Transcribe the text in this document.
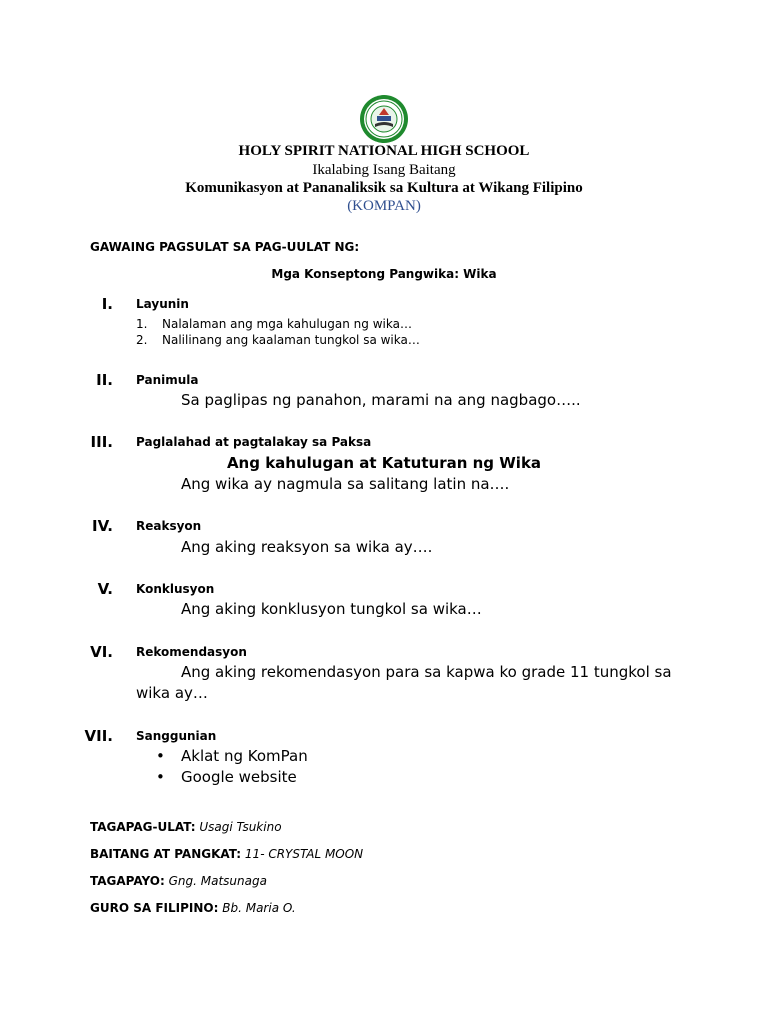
HOLY SPIRIT NATIONAL HIGH SCHOOL
Ikalabing Isang Baitang
Komunikasyon at Pananaliksik sa Kultura at Wikang Filipino
(KOMPAN)
GAWAING PAGSULAT SA PAG-UULAT NG:
Mga Konseptong Pangwika: Wika
I. Layunin
1. Nalalaman ang mga kahulugan ng wika…
2. Nalilinang ang kaalaman tungkol sa wika…
II. Panimula
Sa paglipas ng panahon, marami na ang nagbago…..
III. Paglalahad at pagtalakay sa Paksa
Ang kahulugan at Katuturan ng Wika
Ang wika ay nagmula sa salitang latin na….
IV. Reaksyon
Ang aking reaksyon sa wika ay….
V. Konklusyon
Ang aking konklusyon tungkol sa wika…
VI. Rekomendasyon
Ang aking rekomendasyon para sa kapwa ko grade 11 tungkol sa
wika ay…
VII. Sanggunian
• Aklat ng KomPan
• Google website
TAGAPAG-ULAT: Usagi Tsukino
BAITANG AT PANGKAT: 11- CRYSTAL MOON
TAGAPAYO: Gng. Matsunaga
GURO SA FILIPINO: Bb. Maria O.
